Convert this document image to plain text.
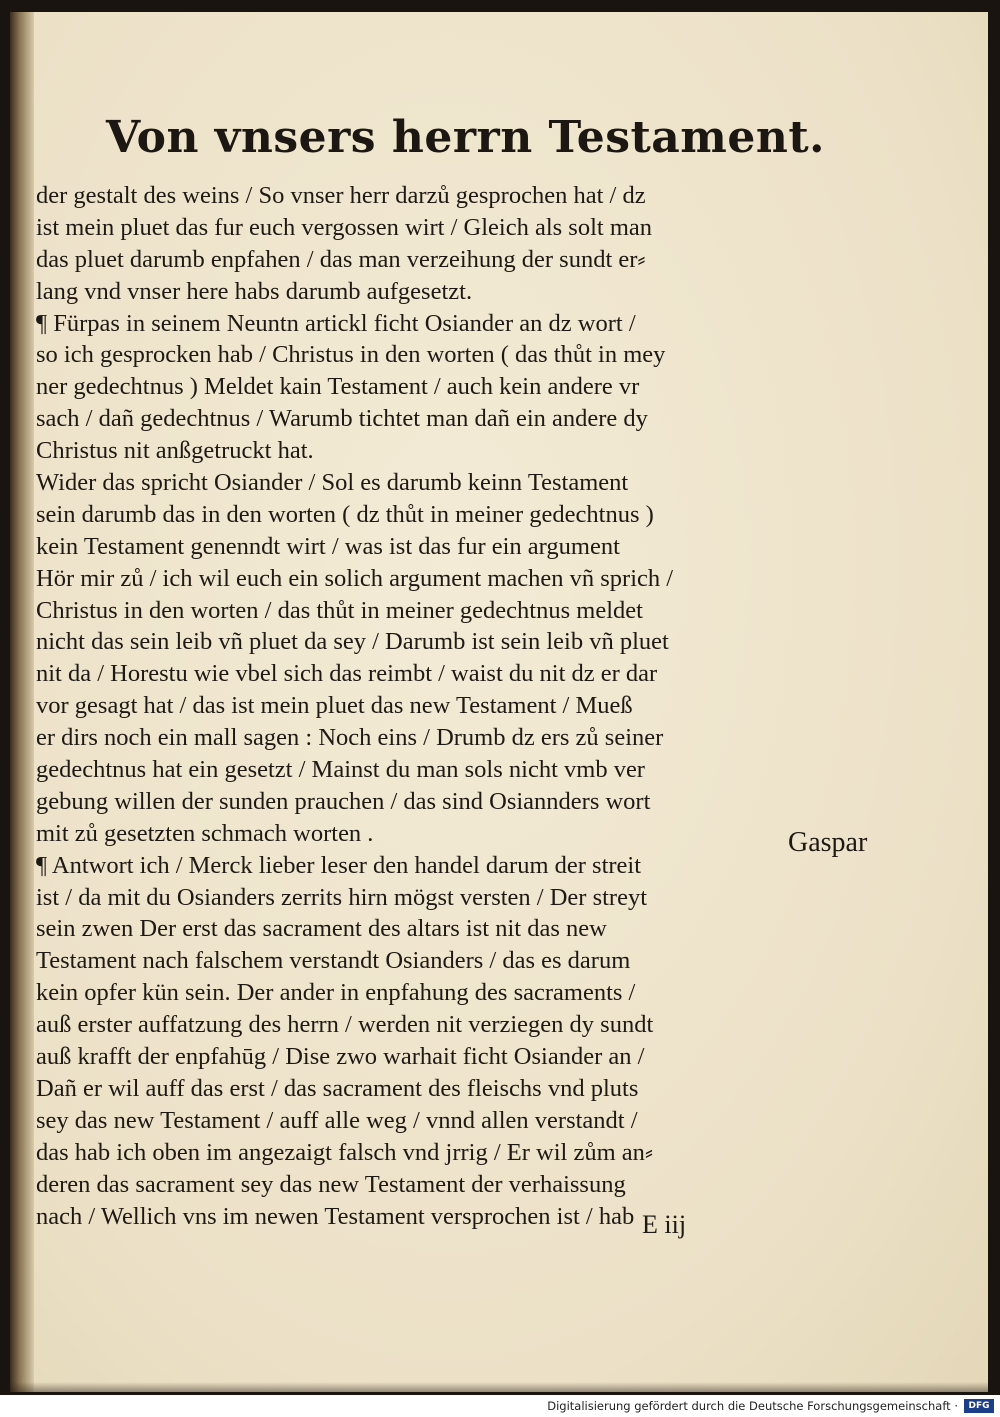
Von vnsers herrn Testament.
der gestalt des weins / So vnser herr darzů gesprochen hat / dz
ist mein pluet das fur euch vergossen wirt / Gleich als solt man
das pluet darumb enpfahen / das man verzeihung der sundt er⸗
lang vnd vnser here habs darumb aufgesetzt.
¶ Fürpas in seinem Neuntn artickl ficht Osiander an dz wort /
so ich gesprocken hab / Christus in den worten ( das thůt in mey
ner gedechtnus ) Meldet kain Testament / auch kein andere vr
sach / dañ gedechtnus / Warumb tichtet man dañ ein andere dy
Christus nit anßgetruckt hat.
Wider das spricht Osiander / Sol es darumb keinn Testament
sein darumb das in den worten ( dz thůt in meiner gedechtnus )
kein Testament genenndt wirt / was ist das fur ein argument
Hör mir zů / ich wil euch ein solich argument machen vñ sprich /
Christus in den worten / das thůt in meiner gedechtnus meldet
nicht das sein leib vñ pluet da sey / Darumb ist sein leib vñ pluet
nit da / Horestu wie vbel sich das reimbt / waist du nit dz er dar
vor gesagt hat / das ist mein pluet das new Testament / Mueß
er dirs noch ein mall sagen : Noch eins / Drumb dz ers zů seiner
gedechtnus hat ein gesetzt / Mainst du man sols nicht vmb ver
gebung willen der sunden prauchen / das sind Osiannders wort
mit zů gesetzten schmach worten .
¶ Antwort ich / Merck lieber leser den handel darum der streit
ist / da mit du Osianders zerrits hirn mögst versten / Der streyt
sein zwen Der erst das sacrament des altars ist nit das new
Testament nach falschem verstandt Osianders / das es darum
kein opfer kün sein. Der ander in enpfahung des sacraments /
auß erster auffatzung des herrn / werden nit verziegen dy sundt
auß krafft der enpfahūg / Dise zwo warhait ficht Osiander an /
Dañ er wil auff das erst / das sacrament des fleischs vnd pluts
sey das new Testament / auff alle weg / vnnd allen verstandt /
das hab ich oben im angezaigt falsch vnd jrrig / Er wil zům an⸗
deren das sacrament sey das new Testament der verhaissung
nach / Wellich vns im newen Testament versprochen ist / hab
Gaspar
E iij
Digitalisierung gefördert durch die Deutsche Forschungsgemeinschaft ·	DFG
